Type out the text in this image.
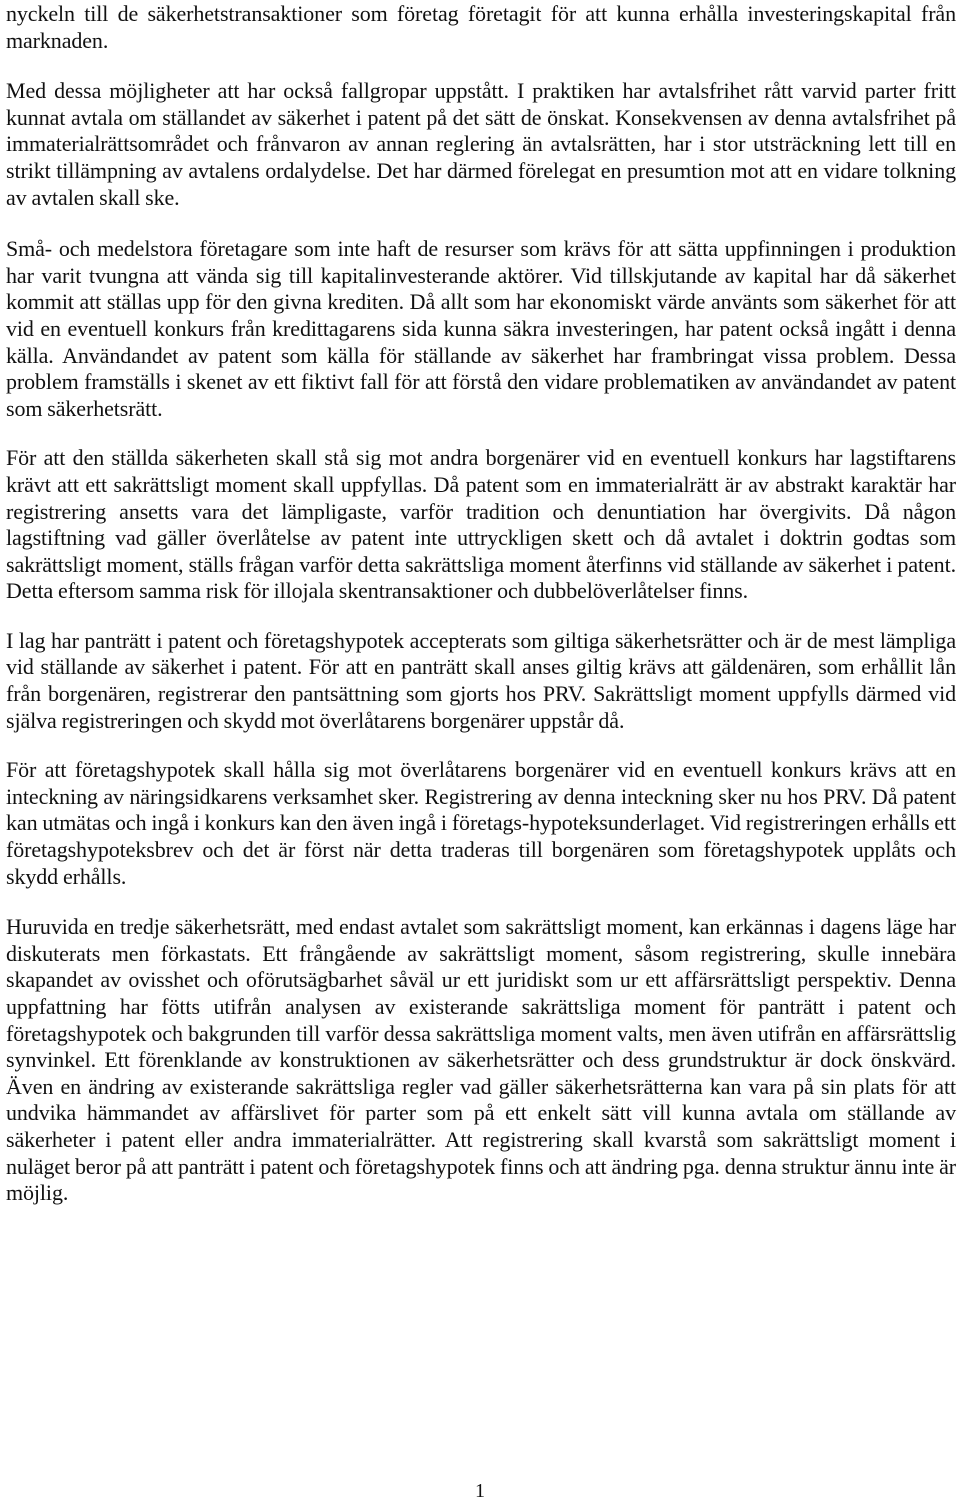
nyckeln till de säkerhetstransaktioner som företag företagit för att kunna erhålla investeringskapital från marknaden.

Med dessa möjligheter att har också fallgropar uppstått. I praktiken har avtalsfrihet rått varvid parter fritt kunnat avtala om ställandet av säkerhet i patent på det sätt de önskat. Konsekvensen av denna avtalsfrihet på immaterialrättsområdet och frånvaron av annan reglering än avtalsrätten, har i stor utsträckning lett till en strikt tillämpning av avtalens ordalydelse. Det har därmed förelegat en presumtion mot att en vidare tolkning av avtalen skall ske.

Små- och medelstora företagare som inte haft de resurser som krävs för att sätta uppfinningen i produktion har varit tvungna att vända sig till kapitalinvesterande aktörer. Vid tillskjutande av kapital har då säkerhet kommit att ställas upp för den givna krediten. Då allt som har ekonomiskt värde använts som säkerhet för att vid en eventuell konkurs från kredittagarens sida kunna säkra investeringen, har patent också ingått i denna källa. Användandet av patent som källa för ställande av säkerhet har frambringat vissa problem. Dessa problem framställs i skenet av ett fiktivt fall för att förstå den vidare problematiken av användandet av patent som säkerhetsrätt.

För att den ställda säkerheten skall stå sig mot andra borgenärer vid en eventuell konkurs har lagstiftarens krävt att ett sakrättsligt moment skall uppfyllas. Då patent som en immaterialrätt är av abstrakt karaktär har registrering ansetts vara det lämpligaste, varför tradition och denuntiation har övergivits. Då någon lagstiftning vad gäller överlåtelse av patent inte uttryckligen skett och då avtalet i doktrin godtas som sakrättsligt moment, ställs frågan varför detta sakrättsliga moment återfinns vid ställande av säkerhet i patent. Detta eftersom samma risk för illojala skentransaktioner och dubbelöverlåtelser finns.

I lag har panträtt i patent och företagshypotek accepterats som giltiga säkerhetsrätter och är de mest lämpliga vid ställande av säkerhet i patent. För att en panträtt skall anses giltig krävs att gäldenären, som erhållit lån från borgenären, registrerar den pantsättning som gjorts hos PRV. Sakrättsligt moment uppfylls därmed vid själva registreringen och skydd mot överlåtarens borgenärer uppstår då.

För att företagshypotek skall hålla sig mot överlåtarens borgenärer vid en eventuell konkurs krävs att en inteckning av näringsidkarens verksamhet sker. Registrering av denna inteckning sker nu hos PRV. Då patent kan utmätas och ingå i konkurs kan den även ingå i företags-hypoteksunderlaget. Vid registreringen erhålls ett företagshypoteksbrev och det är först när detta traderas till borgenären som företagshypotek upplåts och skydd erhålls.

Huruvida en tredje säkerhetsrätt, med endast avtalet som sakrättsligt moment, kan erkännas i dagens läge har diskuterats men förkastats. Ett frångående av sakrättsligt moment, såsom registrering, skulle innebära skapandet av ovisshet och oförutsägbarhet såväl ur ett juridiskt som ur ett affärsrättsligt perspektiv. Denna uppfattning har fötts utifrån analysen av existerande sakrättsliga moment för panträtt i patent och företagshypotek och bakgrunden till varför dessa sakrättsliga moment valts, men även utifrån en affärsrättslig synvinkel. Ett förenklande av konstruktionen av säkerhetsrätter och dess grundstruktur är dock önskvärd. Även en ändring av existerande sakrättsliga regler vad gäller säkerhetsrätterna kan vara på sin plats för att undvika hämmandet av affärslivet för parter som på ett enkelt sätt vill kunna avtala om ställande av säkerheter i patent eller andra immaterialrätter. Att registrering skall kvarstå som sakrättsligt moment i nuläget beror på att panträtt i patent och företagshypotek finns och att ändring pga. denna struktur ännu inte är möjlig.

1
